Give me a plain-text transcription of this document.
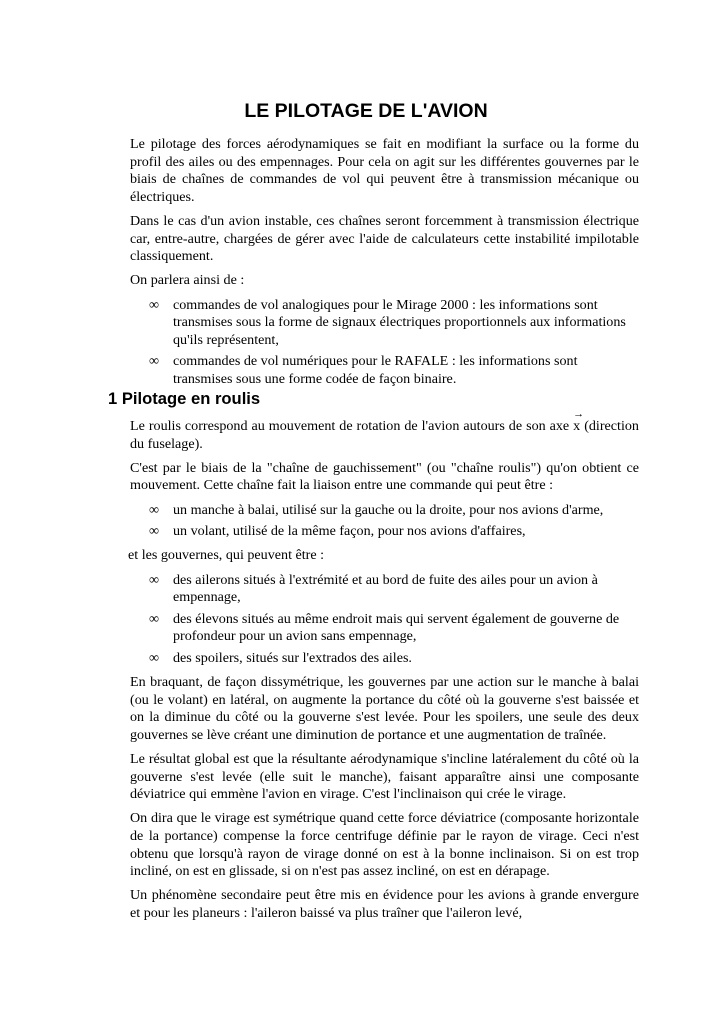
LE PILOTAGE DE L'AVION

Le pilotage des forces aérodynamiques se fait en modifiant la surface ou la forme du profil des ailes ou des empennages. Pour cela on agit sur les différentes gouvernes par le biais de chaînes de commandes de vol qui peuvent être à transmission mécanique ou électriques.

Dans le cas d'un avion instable, ces chaînes seront forcemment à transmission électrique car, entre-autre, chargées de gérer avec l'aide de calculateurs cette instabilité impilotable classiquement.

On parlera ainsi de :

∞ commandes de vol analogiques pour le Mirage 2000 : les informations sont transmises sous la forme de signaux électriques proportionnels aux informations qu'ils représentent,
∞ commandes de vol numériques pour le RAFALE : les informations sont transmises sous une forme codée de façon binaire.
1 Pilotage en roulis

Le roulis correspond au mouvement de rotation de l'avion autours de son axe
→
x (direction du fuselage).

C'est par le biais de la "chaîne de gauchissement" (ou "chaîne roulis") qu'on obtient ce mouvement. Cette chaîne fait la liaison entre une commande qui peut être :

∞ un manche à balai, utilisé sur la gauche ou la droite, pour nos avions d'arme,
∞ un volant, utilisé de la même façon, pour nos avions d'affaires,

et les gouvernes, qui peuvent être :

∞ des ailerons situés à l'extrémité et au bord de fuite des ailes pour un avion à empennage,
∞ des élevons situés au même endroit mais qui servent également de gouverne de profondeur pour un avion sans empennage,
∞ des spoilers, situés sur l'extrados des ailes.

En braquant, de façon dissymétrique, les gouvernes par une action sur le manche à balai (ou le volant) en latéral, on augmente la portance du côté où la gouverne s'est baissée et on la diminue du côté ou la gouverne s'est levée. Pour les spoilers, une seule des deux gouvernes se lève créant une diminution de portance et une augmentation de traînée.

Le résultat global est que la résultante aérodynamique s'incline latéralement du côté où la gouverne s'est levée (elle suit le manche), faisant apparaître ainsi une composante déviatrice qui emmène l'avion en virage. C'est l'inclinaison qui crée le virage.

On dira que le virage est symétrique quand cette force déviatrice (composante horizontale de la portance) compense la force centrifuge définie par le rayon de virage. Ceci n'est obtenu que lorsqu'à rayon de virage donné on est à la bonne inclinaison. Si on est trop incliné, on est en glissade, si on n'est pas assez incliné, on est en dérapage.

Un phénomène secondaire peut être mis en évidence pour les avions à grande envergure et pour les planeurs : l'aileron baissé va plus traîner que l'aileron levé,
